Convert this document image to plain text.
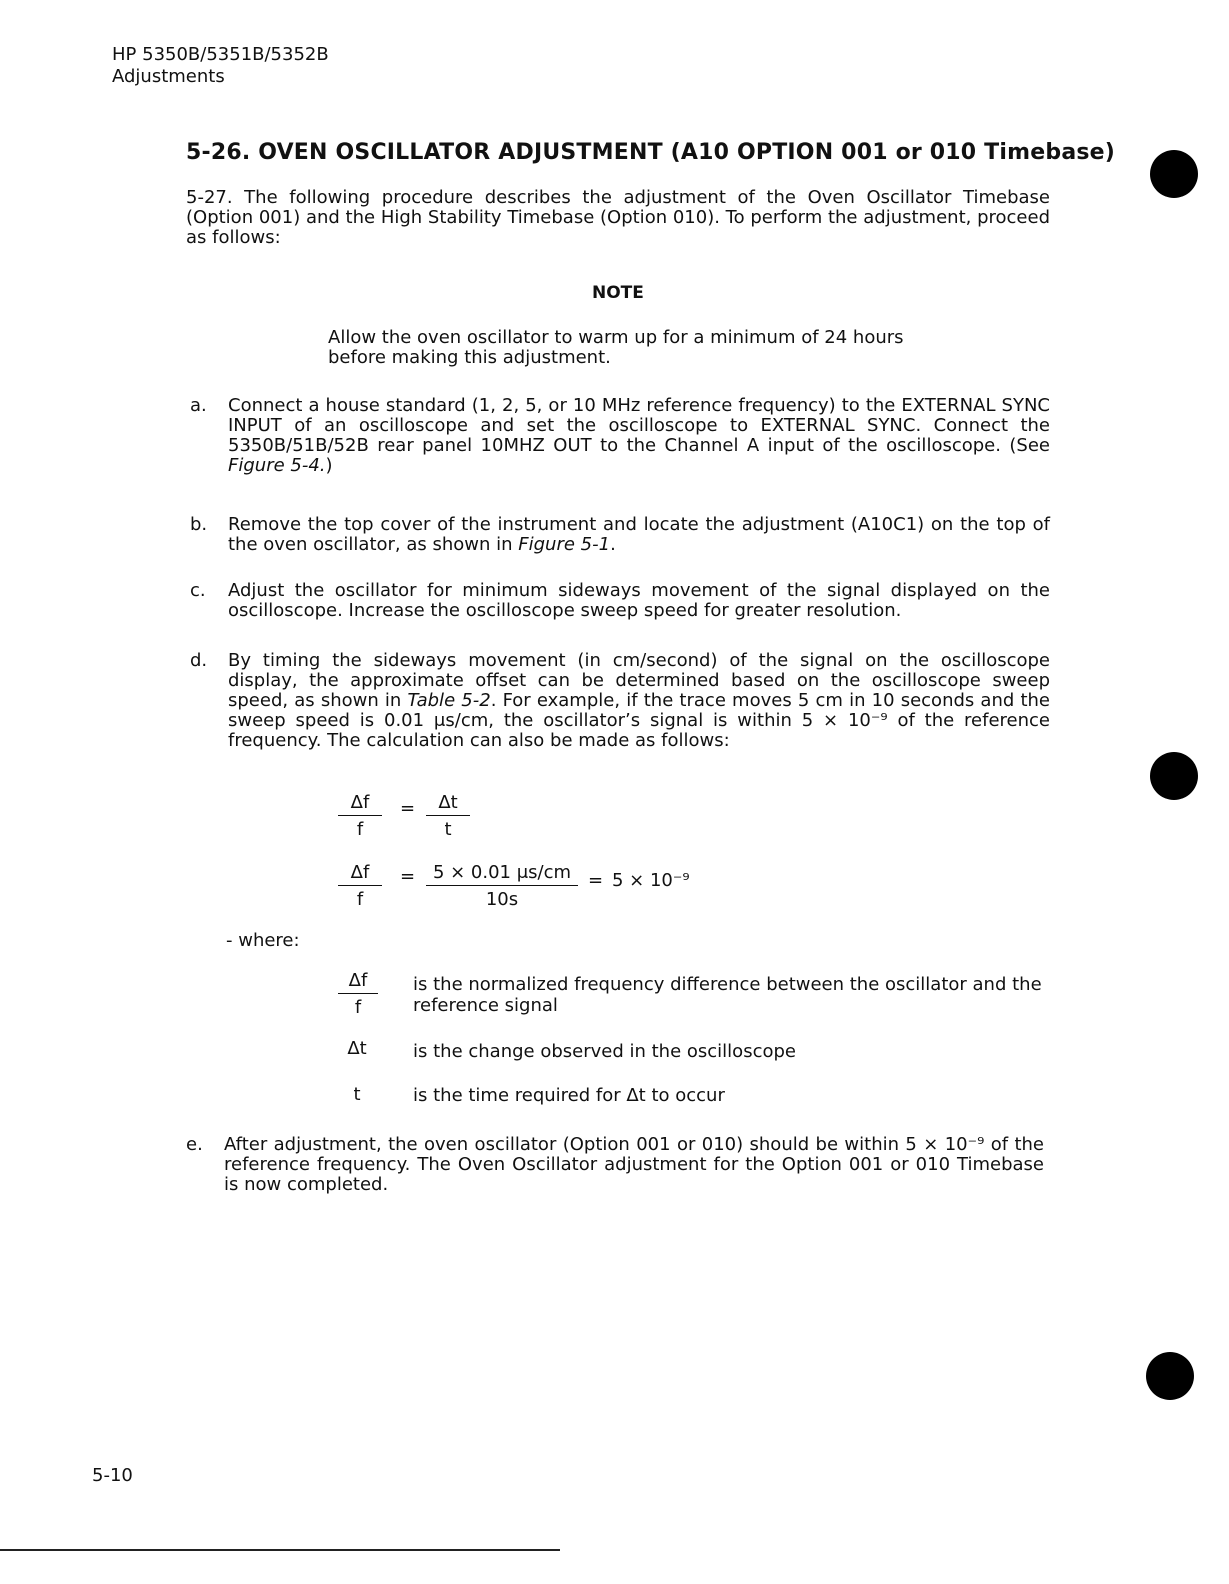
HP 5350B/5351B/5352B
Adjustments
5-26. OVEN OSCILLATOR ADJUSTMENT (A10 OPTION 001 or 010 Timebase)
5-27. The following procedure describes the adjustment of the Oven Oscillator Timebase (Option 001) and the High Stability Timebase (Option 010). To perform the adjustment, proceed as follows:
NOTE
Allow the oven oscillator to warm up for a minimum of 24 hours before making this adjustment.
a. Connect a house standard (1, 2, 5, or 10 MHz reference frequency) to the EXTERNAL SYNC INPUT of an oscilloscope and set the oscilloscope to EXTERNAL SYNC. Connect the 5350B/51B/52B rear panel 10MHZ OUT to the Channel A input of the oscilloscope. (See Figure 5-4.)
b. Remove the top cover of the instrument and locate the adjustment (A10C1) on the top of the oven oscillator, as shown in Figure 5-1.
c. Adjust the oscillator for minimum sideways movement of the signal displayed on the oscilloscope. Increase the oscilloscope sweep speed for greater resolution.
d. By timing the sideways movement (in cm/second) of the signal on the oscilloscope display, the approximate offset can be determined based on the oscilloscope sweep speed, as shown in Table 5-2. For example, if the trace moves 5 cm in 10 seconds and the sweep speed is 0.01 μs/cm, the oscillator’s signal is within 5 × 10⁻⁹ of the reference frequency. The calculation can also be made as follows:
$\frac{\Delta f}{f} = \frac{\Delta t}{t}$
$\frac{\Delta f}{f} = \frac{5 \times 0.01 \mu s/cm}{10s} = 5 \times 10^{-9}$
- where:
$\frac{\Delta f}{f}$ is the normalized frequency difference between the oscillator and the reference signal
Δt	is the change observed in the oscilloscope
t	is the time required for Δt to occur
e. After adjustment, the oven oscillator (Option 001 or 010) should be within 5 × 10⁻⁹ of the reference frequency. The Oven Oscillator adjustment for the Option 001 or 010 Timebase is now completed.
5-10
